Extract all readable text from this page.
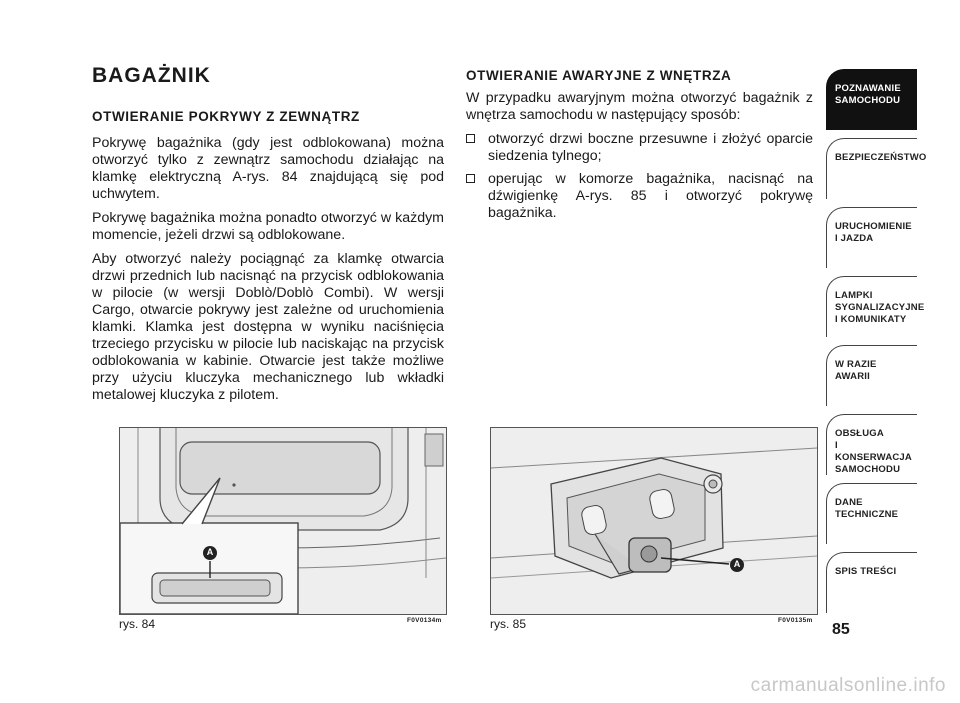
BAGAŻNIK
OTWIERANIE POKRYWY Z ZEWNĄTRZ

Pokrywę bagażnika (gdy jest odblokowana) można otworzyć tylko z zewnątrz samochodu działając na klamkę elektryczną A-rys. 84 znajdującą się pod uchwytem.

Pokrywę bagażnika można ponadto otworzyć w każdym momencie, jeżeli drzwi są odblokowane.

Aby otworzyć należy pociągnąć za klamkę otwarcia drzwi przednich lub nacisnąć na przycisk odblokowania w pilocie (w wersji Doblò/Doblò Combi). W wersji Cargo, otwarcie pokrywy jest zależne od uruchomienia klamki. Klamka jest dostępna w wyniku naciśnięcia trzeciego przycisku w pilocie lub naciskając na przycisk odblokowania w kabinie. Otwarcie jest także możliwe przy użyciu kluczyka mechanicznego lub wkładki metalowej kluczyka z pilotem.

OTWIERANIE AWARYJNE Z WNĘTRZA

W przypadku awaryjnym można otworzyć bagażnik z wnętrza samochodu w następujący sposób:

otworzyć drzwi boczne przesuwne i złożyć oparcie siedzenia tylnego;
operując w komorze bagażnika, nacisnąć na dźwigienkę A-rys. 85 i otworzyć pokrywę bagażnika.
A
rys. 84	F0V0134m
A
rys. 85	F0V0135m
POZNAWANIE
SAMOCHODU
BEZPIECZEŃSTWO
URUCHOMIENIE
I JAZDA
LAMPKI
SYGNALIZACYJNE
I KOMUNIKATY
W RAZIE AWARII
OBSŁUGA
I KONSERWACJA
SAMOCHODU
DANE
TECHNICZNE
SPIS TREŚCI

85

carmanualsonline.info
